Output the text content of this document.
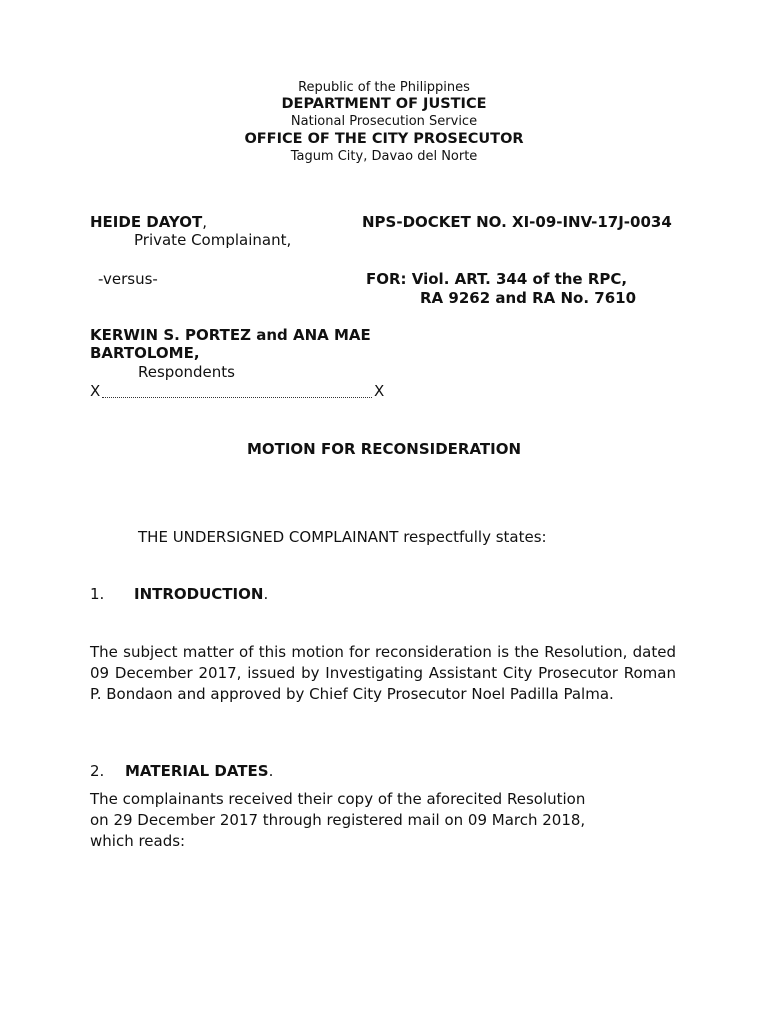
Republic of the Philippines
DEPARTMENT OF JUSTICE
National Prosecution Service
OFFICE OF THE CITY PROSECUTOR
Tagum City, Davao del Norte
HEIDE DAYOT,	NPS-DOCKET NO. XI-09-INV-17J-0034
Private Complainant,
-versus-	FOR: Viol. ART. 344 of the RPC,
RA 9262 and RA No. 7610
KERWIN S. PORTEZ and ANA MAE
BARTOLOME,
Respondents
X	X
MOTION FOR RECONSIDERATION
THE UNDERSIGNED COMPLAINANT respectfully states:
1. INTRODUCTION.
The subject matter of this motion for reconsideration is the Resolution, dated 09 December 2017, issued by Investigating Assistant City Prosecutor Roman P. Bondaon and approved by Chief City Prosecutor Noel Padilla Palma.
2. MATERIAL DATES.
The complainants received their copy of the aforecited Resolution
on 29 December 2017 through registered mail on 09 March 2018,
which reads:
